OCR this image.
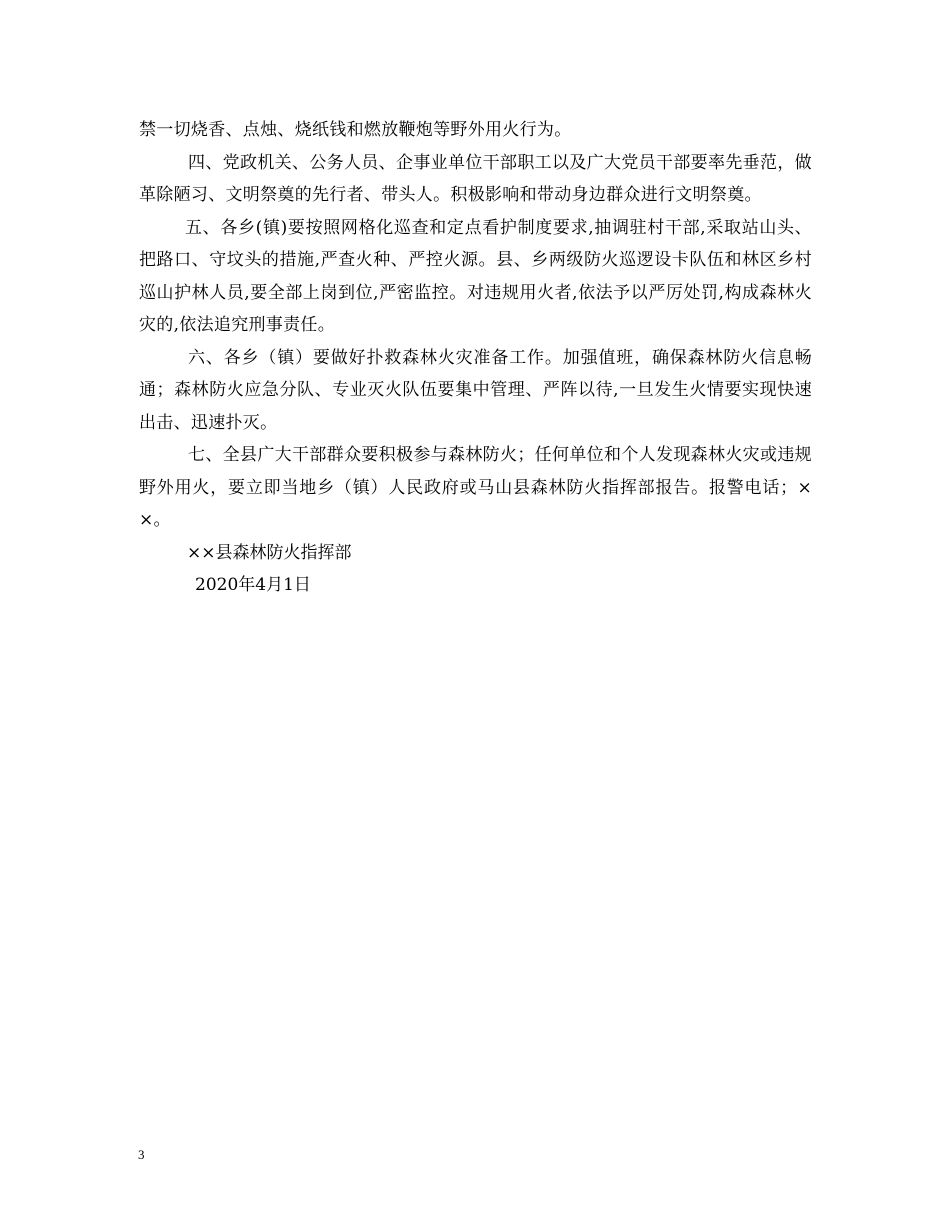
禁一切烧香、点烛、烧纸钱和燃放鞭炮等野外用火行为。

四、党政机关、公务人员、企事业单位干部职工以及广大党员干部要率先垂范，做革除陋习、文明祭奠的先行者、带头人。积极影响和带动身边群众进行文明祭奠。

五、各乡(镇)要按照网格化巡查和定点看护制度要求,抽调驻村干部,采取站山头、把路口、守坟头的措施,严查火种、严控火源。县、乡两级防火巡逻设卡队伍和林区乡村巡山护林人员,要全部上岗到位,严密监控。对违规用火者,依法予以严厉处罚,构成森林火灾的,依法追究刑事责任。

六、各乡（镇）要做好扑救森林火灾准备工作。加强值班，确保森林防火信息畅通；森林防火应急分队、专业灭火队伍要集中管理、严阵以待,一旦发生火情要实现快速出击、迅速扑灭。

七、全县广大干部群众要积极参与森林防火；任何单位和个人发现森林火灾或违规野外用火，要立即当地乡（镇）人民政府或马山县森林防火指挥部报告。报警电话；××。

××县森林防火指挥部

2020年4月1日

3
